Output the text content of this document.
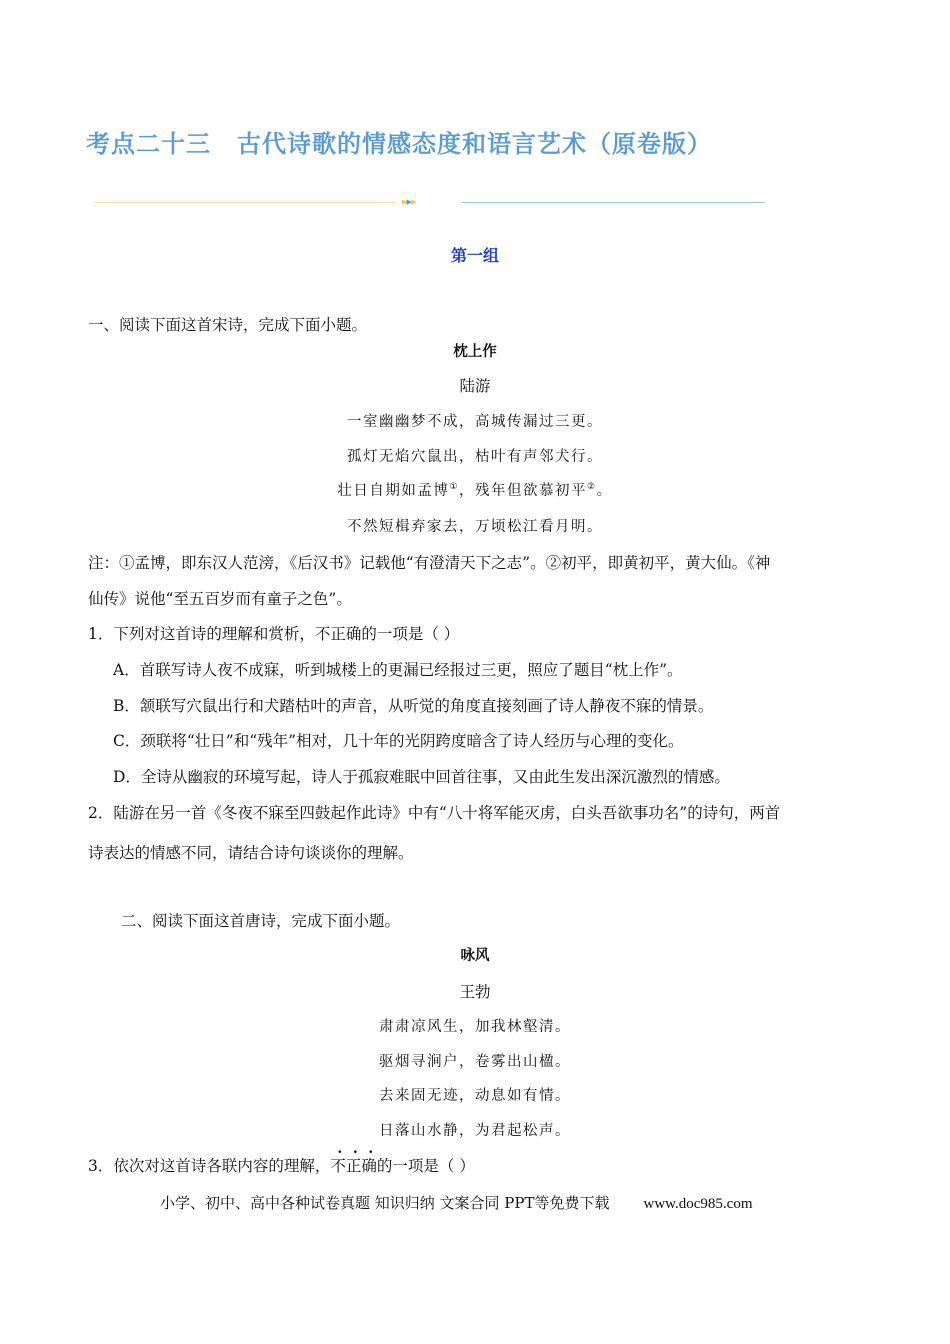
考点二十三 古代诗歌的情感态度和语言艺术（原卷版）
▸▸▸
第一组
一、阅读下面这首宋诗，完成下面小题。
枕上作
陆游
一室幽幽梦不成，高城传漏过三更。
孤灯无焰穴鼠出，枯叶有声邻犬行。
壮日自期如孟博①，残年但欲慕初平②。
不然短楫弃家去，万顷松江看月明。
注：①孟博，即东汉人范滂，《后汉书》记载他“有澄清天下之志”。②初平，即黄初平，黄大仙。《神
仙传》说他“至五百岁而有童子之色”。
1．下列对这首诗的理解和赏析，不正确的一项是（ ）
A．首联写诗人夜不成寐，听到城楼上的更漏已经报过三更，照应了题目“枕上作”。
B．颔联写穴鼠出行和犬踏枯叶的声音，从听觉的角度直接刻画了诗人静夜不寐的情景。
C．颈联将“壮日”和“残年”相对，几十年的光阴跨度暗含了诗人经历与心理的变化。
D．全诗从幽寂的环境写起，诗人于孤寂难眠中回首往事，又由此生发出深沉激烈的情感。
2．陆游在另一首《冬夜不寐至四鼓起作此诗》中有“八十将军能灭虏，白头吾欲事功名”的诗句，两首
诗表达的情感不同，请结合诗句谈谈你的理解。
二、阅读下面这首唐诗，完成下面小题。
咏风
王勃
肃肃凉风生，加我林壑清。
驱烟寻涧户，卷雾出山楹。
去来固无迹，动息如有情。
日落山水静，为君起松声。
3．依次对这首诗各联内容的理解，不正确的一项是（ ）
小学、初中、高中各种试卷真题 知识归纳 文案合同 PPT等免费下载 www.doc985.com
